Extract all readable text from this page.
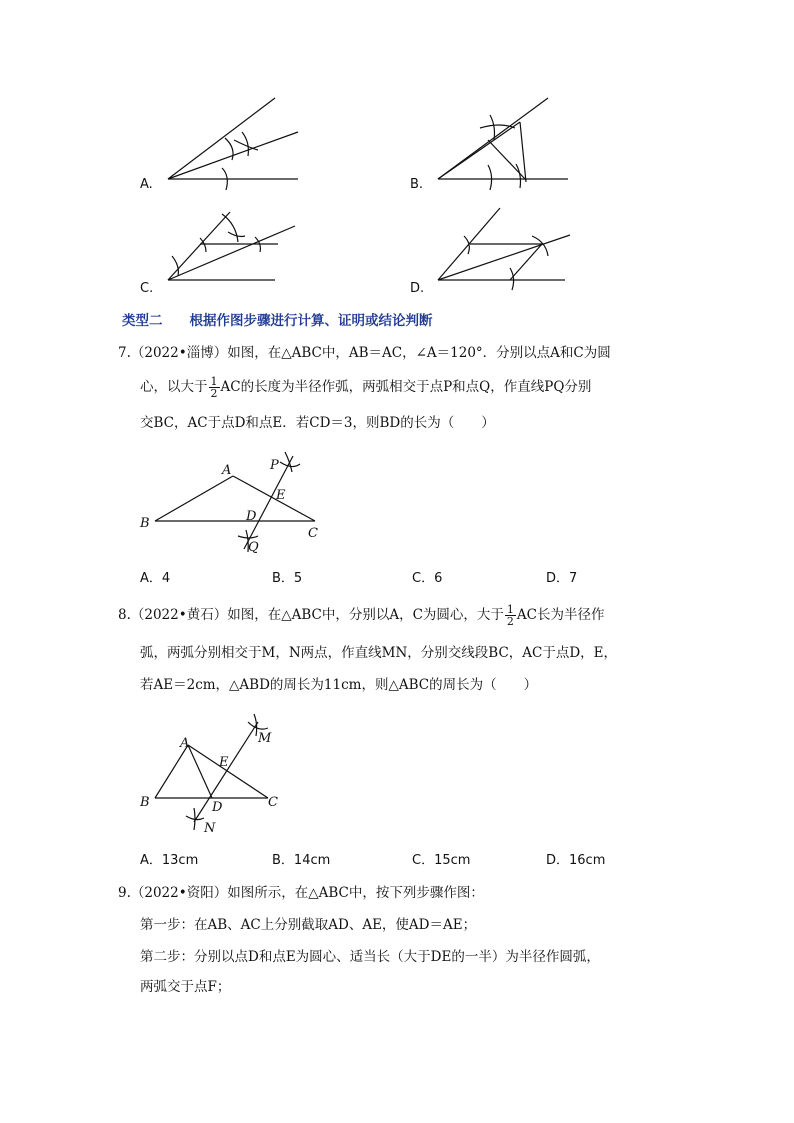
A.	B.
C.	D.
类型二　　根据作图步骤进行计算、证明或结论判断
7.（2022•淄博）如图，在△ABC中，AB＝AC，∠A＝120°．分别以点A和C为圆
心，以大于 $\frac{1}{2}$ AC的长度为半径作弧，两弧相交于点P和点Q，作直线PQ分别
交BC，AC于点D和点E．若CD＝3，则BD的长为（　　）
A
B
C
D
E
P
Q
A．4	B．5	C．6	D．7
8.（2022•黄石）如图，在△ABC中，分别以A，C为圆心，大于 $\frac{1}{2}$ AC长为半径作
弧，两弧分别相交于M，N两点，作直线MN，分别交线段BC，AC于点D，E，
若AE＝2cm，△ABD的周长为11cm，则△ABC的周长为（　　）
A
B	C
D
E
M
N
A．13cm	B．14cm	C．15cm	D．16cm
9.（2022•资阳）如图所示，在△ABC中，按下列步骤作图：
第一步：在AB、AC上分别截取AD、AE，使AD＝AE；
第二步：分别以点D和点E为圆心、适当长（大于DE的一半）为半径作圆弧，
两弧交于点F；
